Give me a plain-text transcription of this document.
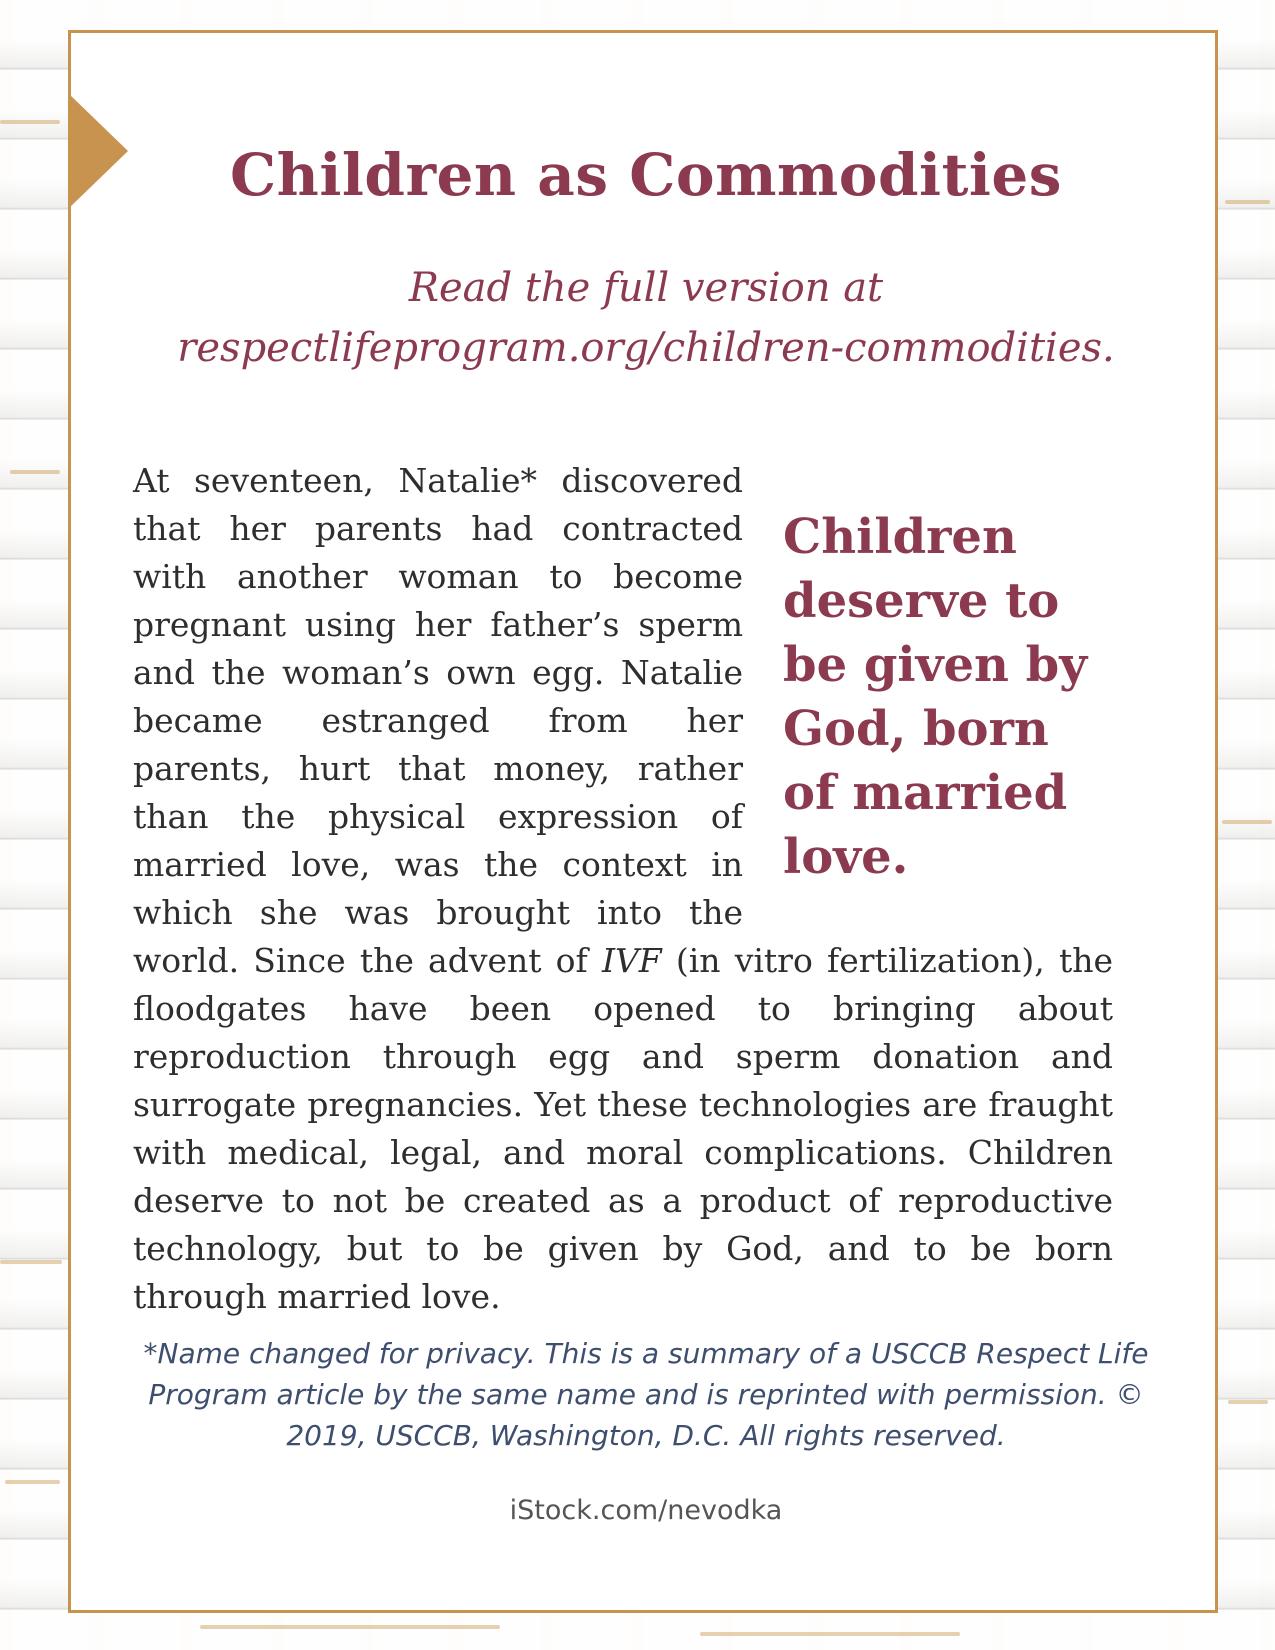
Children as Commodities

Read the full version at
respectlifeprogram.org/children-commodities.

Children deserve to be given by God, born of married love.
At seventeen, Natalie* discovered that her parents had contracted with another woman to become pregnant using her father’s sperm and the woman’s own egg. Natalie became estranged from her parents, hurt that money, rather than the physical expression of married love, was the context in which she was brought into the world. Since the advent of IVF (in vitro fertilization), the floodgates have been opened to bringing about reproduction through egg and sperm donation and surrogate pregnancies. Yet these technologies are fraught with medical, legal, and moral complications. Children deserve to not be created as a product of reproductive technology, but to be given by God, and to be born through married love.

*Name changed for privacy. This is a summary of a USCCB Respect Life Program article by the same name and is reprinted with permission. © 2019, USCCB, Washington, D.C. All rights reserved.

iStock.com/nevodka
